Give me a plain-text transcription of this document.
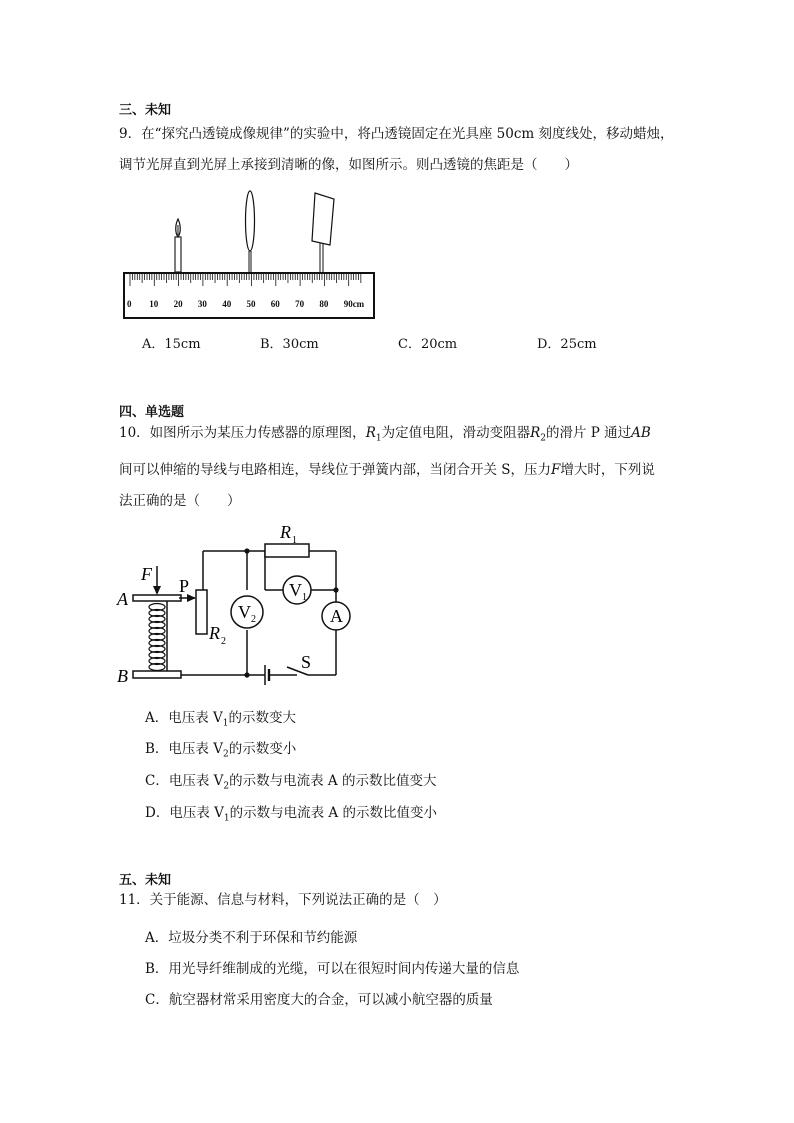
三、未知

9．在“探究凸透镜成像规律”的实验中，将凸透镜固定在光具座 50cm 刻度线处，移动蜡烛，

调节光屏直到光屏上承接到清晰的像，如图所示。则凸透镜的焦距是（　　）

0 10 20 30 40 50 60 70 80 90cm
A．15cm	B．30cm	C．20cm	D．25cm
四、单选题

10．如图所示为某压力传感器的原理图，$R_1$为定值电阻，滑动变阻器$R_2$的滑片 P 通过AB

间可以伸缩的导线与电路相连，导线位于弹簧内部，当闭合开关 S，压力F增大时，下列说

法正确的是（　　）

V 1
V 2	A
F
A
B
R
R
1
2
P
S
A．电压表 $V_1$的示数变大
B．电压表 $V_2$的示数变小
C．电压表 $V_2$的示数与电流表 A 的示数比值变大
D．电压表 $V_1$的示数与电流表 A 的示数比值变小
五、未知

11．关于能源、信息与材料，下列说法正确的是（　）

A．垃圾分类不利于环保和节约能源
B．用光导纤维制成的光缆，可以在很短时间内传递大量的信息
C．航空器材常采用密度大的合金，可以减小航空器的质量
